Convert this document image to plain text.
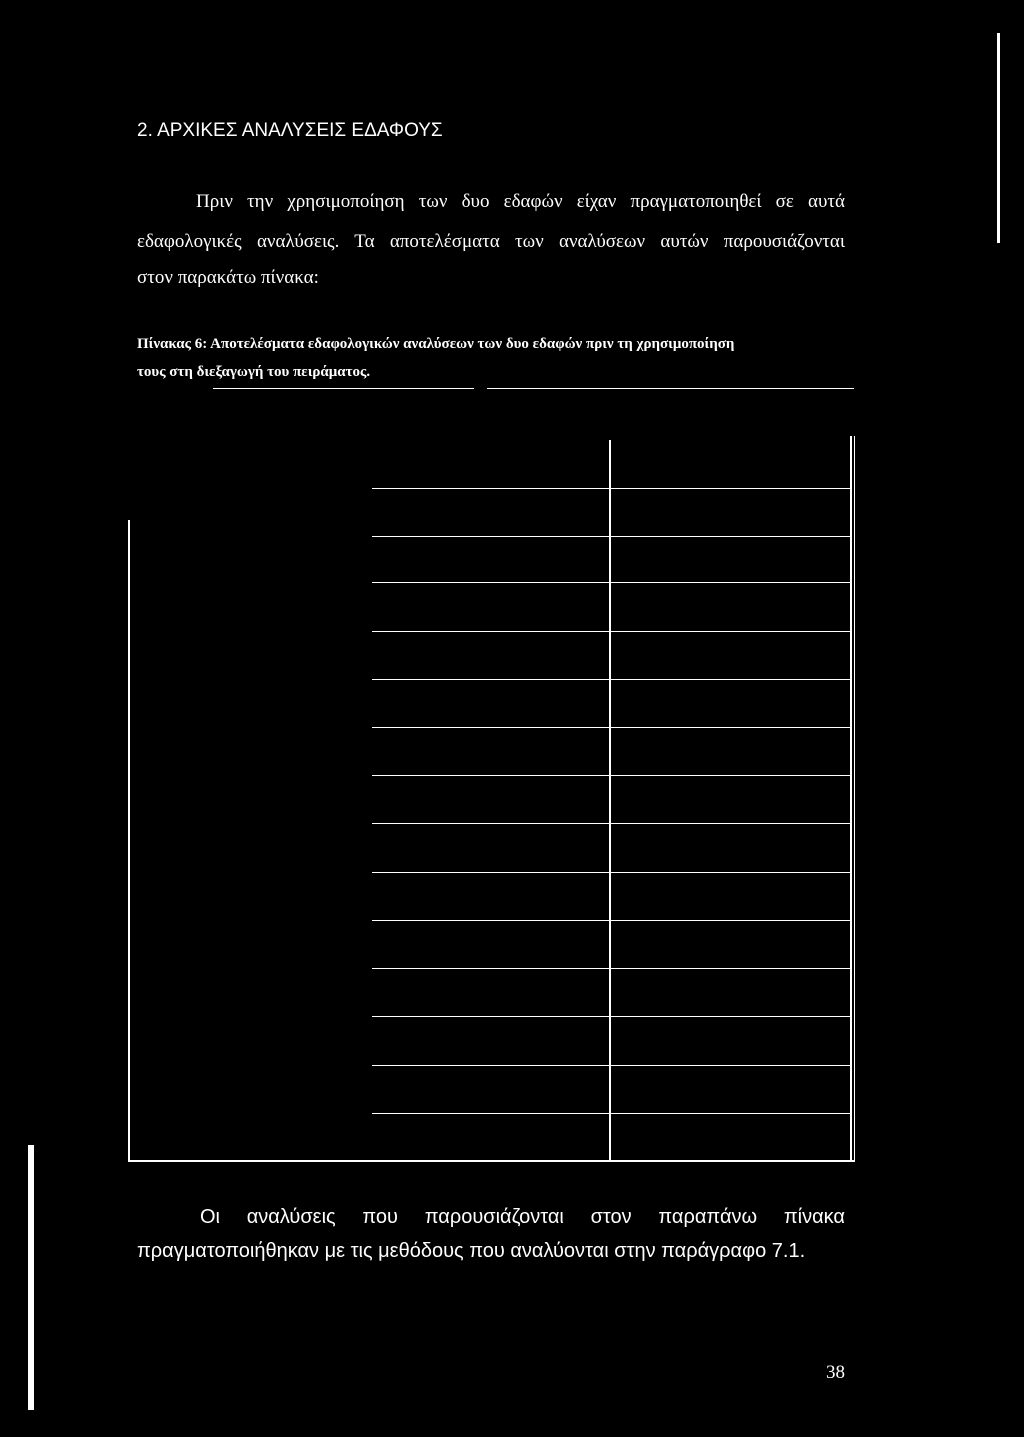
2. ΑΡΧΙΚΕΣ ΑΝΑΛΥΣΕΙΣ ΕΔΑΦΟΥΣ
Πριν την χρησιμοποίηση των δυο εδαφών είχαν πραγματοποιηθεί σε αυτά
εδαφολογικές αναλύσεις. Τα αποτελέσματα των αναλύσεων αυτών παρουσιάζονται
στον παρακάτω πίνακα:
Πίνακας 6: Αποτελέσματα εδαφολογικών αναλύσεων των δυο εδαφών πριν τη χρησιμοποίηση
τους στη διεξαγωγή του πειράματος.
Οι αναλύσεις που παρουσιάζονται στον παραπάνω πίνακα
πραγματοποιήθηκαν με τις μεθόδους που αναλύονται στην παράγραφο 7.1.
38
